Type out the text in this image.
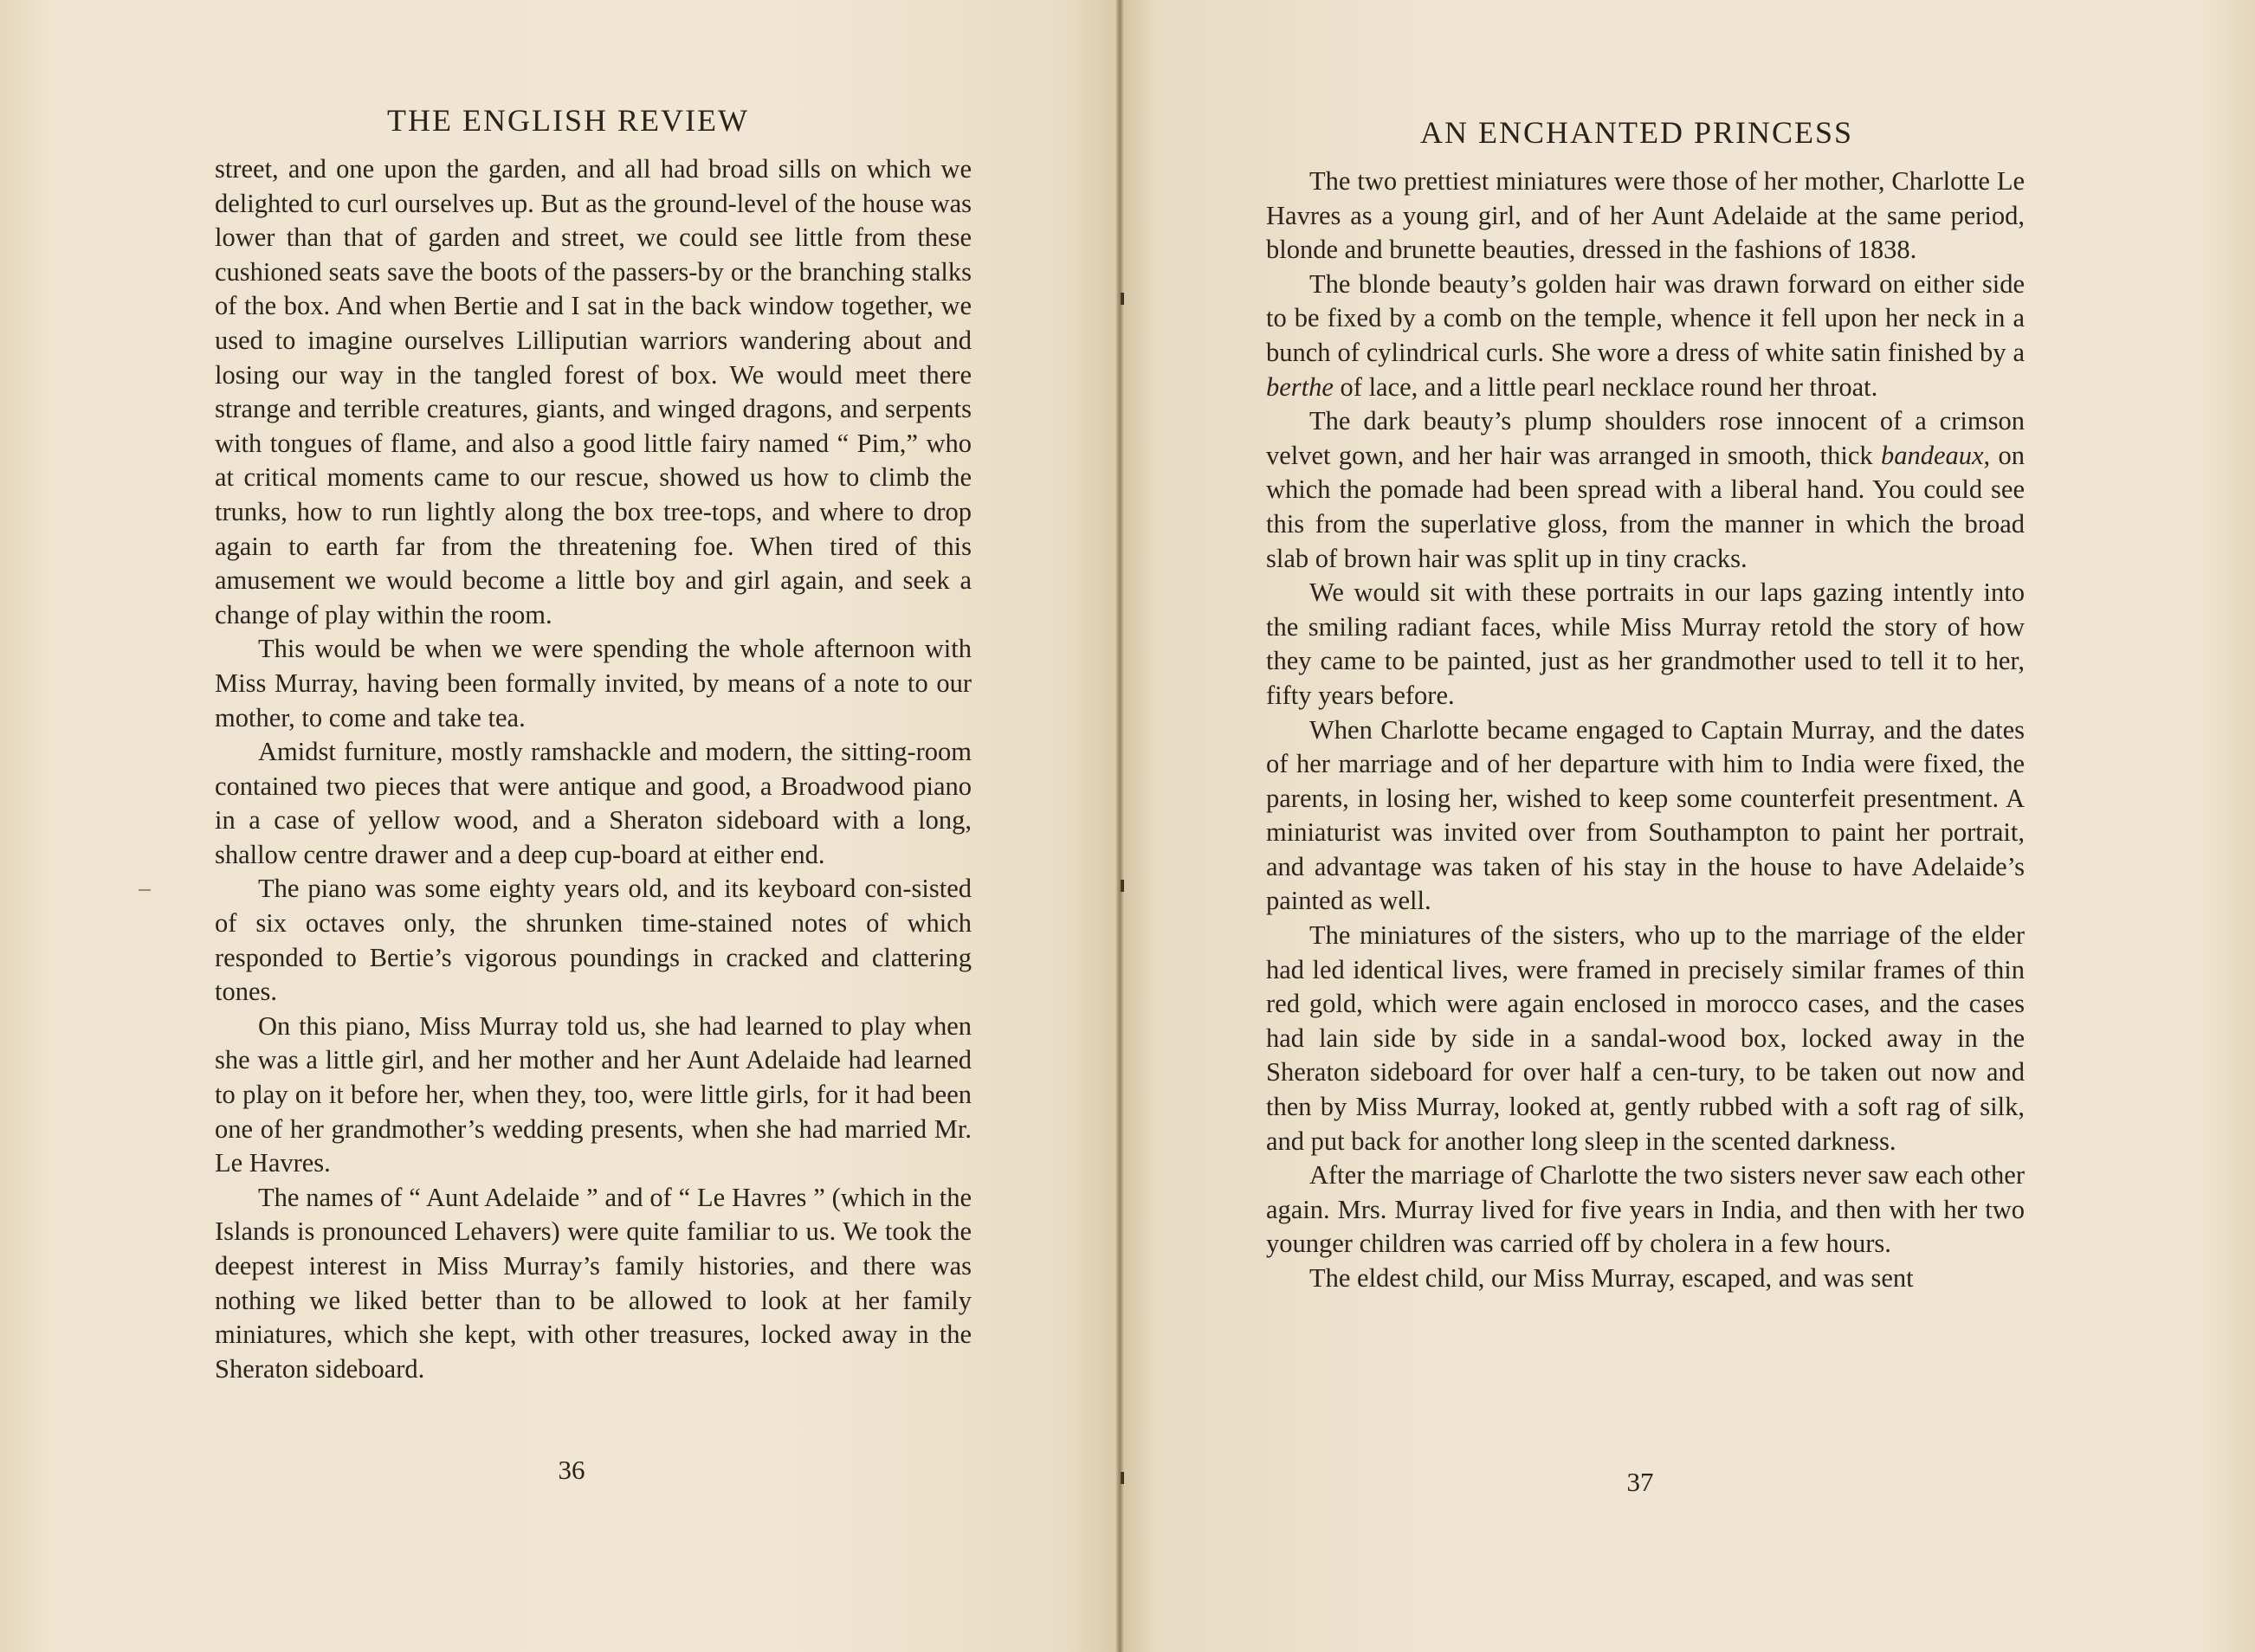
THE ENGLISH REVIEW

street, and one upon the garden, and all had broad sills on which we delighted to curl ourselves up. But as the ground-level of the house was lower than that of garden and street, we could see little from these cushioned seats save the boots of the passers-by or the branching stalks of the box. And when Bertie and I sat in the back window together, we used to imagine ourselves Lilliputian warriors wandering about and losing our way in the tangled forest of box. We would meet there strange and terrible creatures, giants, and winged dragons, and serpents with tongues of flame, and also a good little fairy named “ Pim,” who at critical moments came to our rescue, showed us how to climb the trunks, how to run lightly along the box tree-tops, and where to drop again to earth far from the threatening foe. When tired of this amusement we would become a little boy and girl again, and seek a change of play within the room.

This would be when we were spending the whole afternoon with Miss Murray, having been formally invited, by means of a note to our mother, to come and take tea.

Amidst furniture, mostly ramshackle and modern, the sitting-room contained two pieces that were antique and good, a Broadwood piano in a case of yellow wood, and a Sheraton sideboard with a long, shallow centre drawer and a deep cup-board at either end.

The piano was some eighty years old, and its keyboard con-sisted of six octaves only, the shrunken time-stained notes of which responded to Bertie’s vigorous poundings in cracked and clattering tones.

On this piano, Miss Murray told us, she had learned to play when she was a little girl, and her mother and her Aunt Adelaide had learned to play on it before her, when they, too, were little girls, for it had been one of her grandmother’s wedding presents, when she had married Mr. Le Havres.

The names of “ Aunt Adelaide ” and of “ Le Havres ” (which in the Islands is pronounced Lehavers) were quite familiar to us. We took the deepest interest in Miss Murray’s family histories, and there was nothing we liked better than to be allowed to look at her family miniatures, which she kept, with other treasures, locked away in the Sheraton sideboard.

36
AN ENCHANTED PRINCESS

The two prettiest miniatures were those of her mother, Charlotte Le Havres as a young girl, and of her Aunt Adelaide at the same period, blonde and brunette beauties, dressed in the fashions of 1838.

The blonde beauty’s golden hair was drawn forward on either side to be fixed by a comb on the temple, whence it fell upon her neck in a bunch of cylindrical curls. She wore a dress of white satin finished by a berthe of lace, and a little pearl necklace round her throat.

The dark beauty’s plump shoulders rose innocent of a crimson velvet gown, and her hair was arranged in smooth, thick bandeaux, on which the pomade had been spread with a liberal hand. You could see this from the superlative gloss, from the manner in which the broad slab of brown hair was split up in tiny cracks.

We would sit with these portraits in our laps gazing intently into the smiling radiant faces, while Miss Murray retold the story of how they came to be painted, just as her grandmother used to tell it to her, fifty years before.

When Charlotte became engaged to Captain Murray, and the dates of her marriage and of her departure with him to India were fixed, the parents, in losing her, wished to keep some counterfeit presentment. A miniaturist was invited over from Southampton to paint her portrait, and advantage was taken of his stay in the house to have Adelaide’s painted as well.

The miniatures of the sisters, who up to the marriage of the elder had led identical lives, were framed in precisely similar frames of thin red gold, which were again enclosed in morocco cases, and the cases had lain side by side in a sandal-wood box, locked away in the Sheraton sideboard for over half a cen-tury, to be taken out now and then by Miss Murray, looked at, gently rubbed with a soft rag of silk, and put back for another long sleep in the scented darkness.

After the marriage of Charlotte the two sisters never saw each other again. Mrs. Murray lived for five years in India, and then with her two younger children was carried off by cholera in a few hours.

The eldest child, our Miss Murray, escaped, and was sent

37
